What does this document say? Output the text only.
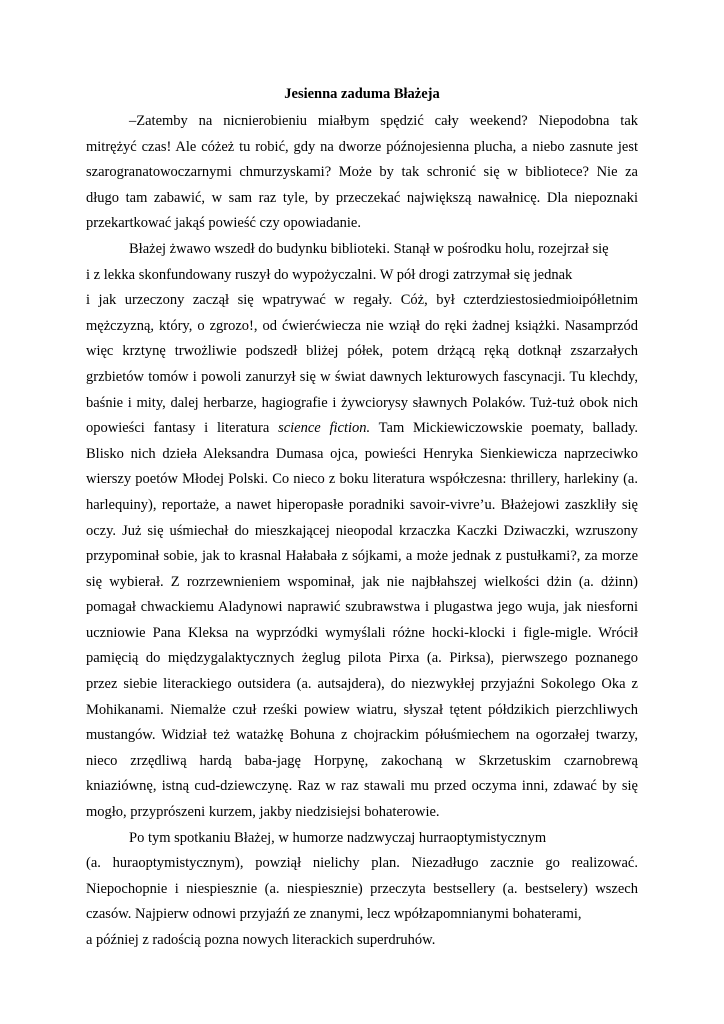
Jesienna zaduma Błażeja
–Zatemby na nicnierobieniu miałbym spędzić cały weekend? Niepodobna tak
mitrężyć czas! Ale cóżeż tu robić, gdy na dworze późnojesienna plucha, a niebo zasnute jest
szarogranatowoczarnymi chmurzyskami? Może by tak schronić się w bibliotece? Nie za
długo tam zabawić, w sam raz tyle, by przeczekać największą nawałnicę. Dla niepoznaki
przekartkować jakąś powieść czy opowiadanie.
Błażej żwawo wszedł do budynku biblioteki. Stanął w pośrodku holu, rozejrzał się
i z lekka skonfundowany ruszył do wypożyczalni. W pół drogi zatrzymał się jednak
i jak urzeczony zaczął się wpatrywać w regały. Cóż, był czterdziestosiedmioipółletnim
mężczyzną, który, o zgrozo!, od ćwierćwiecza nie wziął do ręki żadnej książki. Nasamprzód
więc krztynę trwożliwie podszedł bliżej półek, potem drżącą ręką dotknął zszarzałych
grzbietów tomów i powoli zanurzył się w świat dawnych lekturowych fascynacji. Tu klechdy,
baśnie i mity, dalej herbarze, hagiografie i żywciorysy sławnych Polaków. Tuż-tuż obok nich
opowieści fantasy i literatura science fiction. Tam Mickiewiczowskie poematy, ballady.
Blisko nich dzieła Aleksandra Dumasa ojca, powieści Henryka Sienkiewicza naprzeciwko
wierszy poetów Młodej Polski. Co nieco z boku literatura współczesna: thrillery, harlekiny (a.
harlequiny), reportaże, a nawet hiperopasłe poradniki savoir-vivre’u. Błażejowi zaszkliły się
oczy. Już się uśmiechał do mieszkającej nieopodal krzaczka Kaczki Dziwaczki, wzruszony
przypominał sobie, jak to krasnal Hałabała z sójkami, a może jednak z pustułkami?, za morze
się wybierał. Z rozrzewnieniem wspominał, jak nie najbłahszej wielkości dżin (a. dżinn)
pomagał chwackiemu Aladynowi naprawić szubrawstwa i plugastwa jego wuja, jak niesforni
uczniowie Pana Kleksa na wyprzódki wymyślali różne hocki-klocki i figle-migle. Wrócił
pamięcią do międzygalaktycznych żeglug pilota Pirxa (a. Pirksa), pierwszego poznanego
przez siebie literackiego outsidera (a. autsajdera), do niezwykłej przyjaźni Sokolego Oka z
Mohikanami. Niemalże czuł rześki powiew wiatru, słyszał tętent półdzikich pierzchliwych
mustangów. Widział też watażkę Bohuna z chojrackim półuśmiechem na ogorzałej twarzy,
nieco zrzędliwą hardą baba-jagę Horpynę, zakochaną w Skrzetuskim czarnobrewą
kniaziównę, istną cud-dziewczynę. Raz w raz stawali mu przed oczyma inni, zdawać by się
mogło, przyprószeni kurzem, jakby niedzisiejsi bohaterowie.
Po tym spotkaniu Błażej, w humorze nadzwyczaj hurraoptymistycznym
(a. huraoptymistycznym), powziął nielichy plan. Niezadługo zacznie go realizować.
Niepochopnie i niespiesznie (a. niespiesznie) przeczyta bestsellery (a. bestselery) wszech
czasów. Najpierw odnowi przyjaźń ze znanymi, lecz wpółzapomnianymi bohaterami,
a później z radością pozna nowych literackich superdruhów.
